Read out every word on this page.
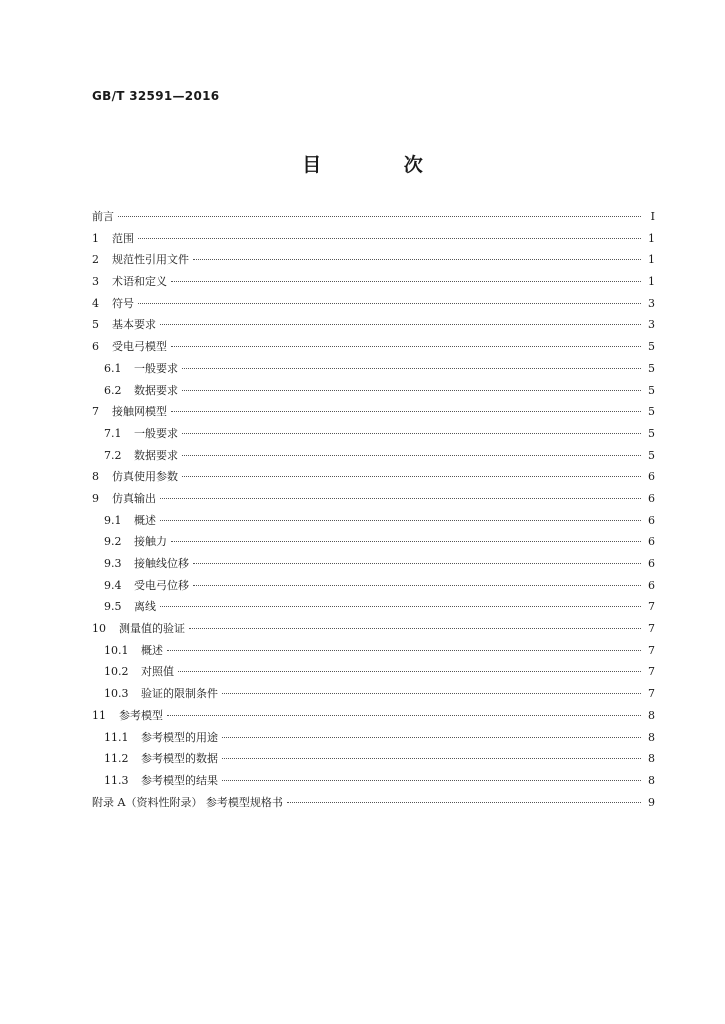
GB/T 32591—2016
目 次
前言	Ⅰ
1	范围	1
2	规范性引用文件	1
3	术语和定义	1
4	符号	3
5	基本要求	3
6	受电弓模型	5
6.1	一般要求	5
6.2	数据要求	5
7	接触网模型	5
7.1	一般要求	5
7.2	数据要求	5
8	仿真使用参数	6
9	仿真输出	6
9.1	概述	6
9.2	接触力	6
9.3	接触线位移	6
9.4	受电弓位移	6
9.5	离线	7
10	测量值的验证	7
10.1	概述	7
10.2	对照值	7
10.3	验证的限制条件	7
11	参考模型	8
11.1	参考模型的用途	8
11.2	参考模型的数据	8
11.3	参考模型的结果	8
附录 A（资料性附录） 参考模型规格书	9
